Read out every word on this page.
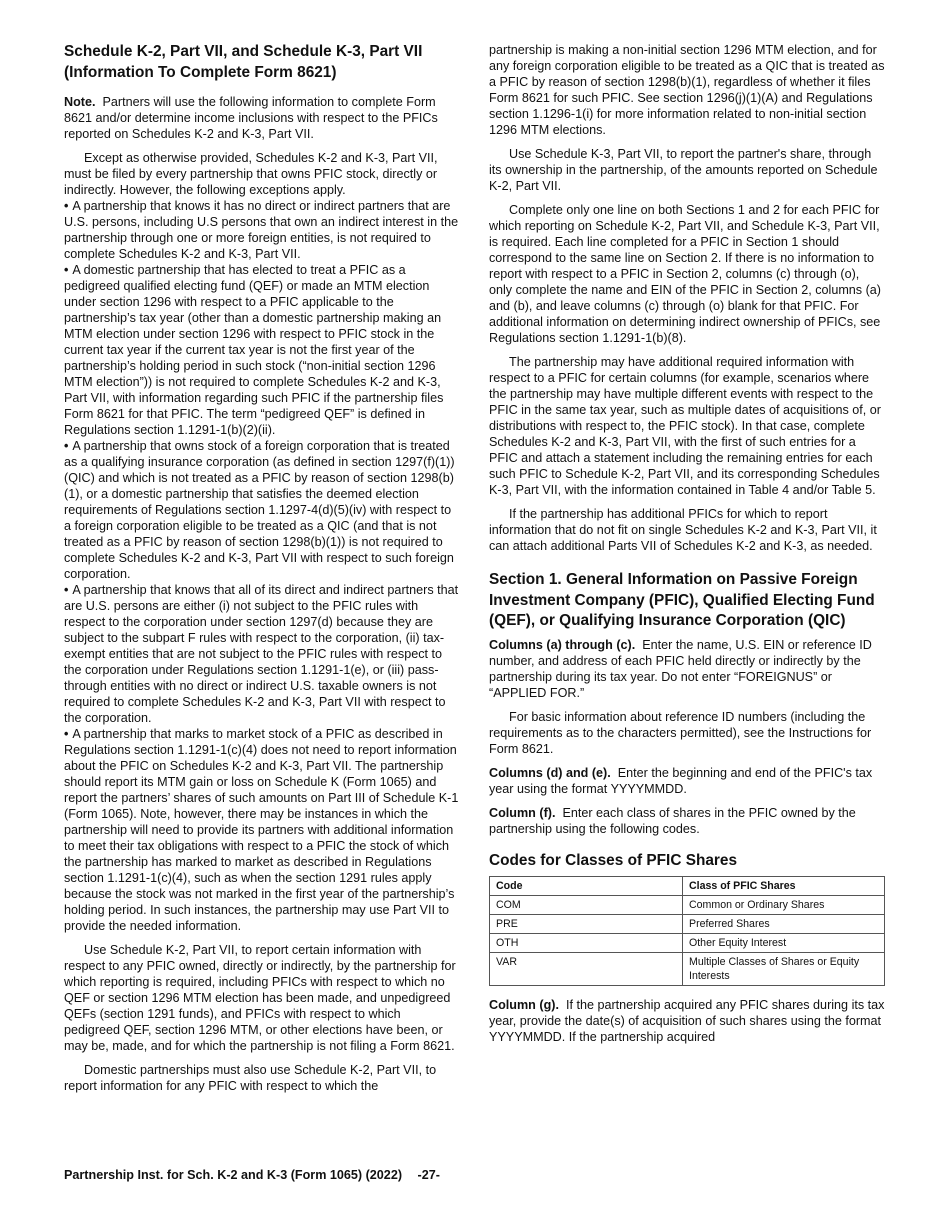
Schedule K-2, Part VII, and Schedule K-3, Part VII (Information To Complete Form 8621)

Note. Partners will use the following information to complete Form 8621 and/or determine income inclusions with respect to the PFICs reported on Schedules K-2 and K-3, Part VII.

Except as otherwise provided, Schedules K-2 and K-3, Part VII, must be filed by every partnership that owns PFIC stock, directly or indirectly. However, the following exceptions apply.

• A partnership that knows it has no direct or indirect partners that are U.S. persons, including U.S persons that own an indirect interest in the partnership through one or more foreign entities, is not required to complete Schedules K-2 and K-3, Part VII.

• A domestic partnership that has elected to treat a PFIC as a pedigreed qualified electing fund (QEF) or made an MTM election under section 1296 with respect to a PFIC applicable to the partnership’s tax year (other than a domestic partnership making an MTM election under section 1296 with respect to PFIC stock in the current tax year if the current tax year is not the first year of the partnership’s holding period in such stock (“non-initial section 1296 MTM election”)) is not required to complete Schedules K-2 and K-3, Part VII, with information regarding such PFIC if the partnership files Form 8621 for that PFIC. The term “pedigreed QEF” is defined in Regulations section 1.1291-1(b)(2)(ii).

• A partnership that owns stock of a foreign corporation that is treated as a qualifying insurance corporation (as defined in section 1297(f)(1)) (QIC) and which is not treated as a PFIC by reason of section 1298(b)(1), or a domestic partnership that satisfies the deemed election requirements of Regulations section 1.1297-4(d)(5)(iv) with respect to a foreign corporation eligible to be treated as a QIC (and that is not treated as a PFIC by reason of section 1298(b)(1)) is not required to complete Schedules K-2 and K-3, Part VII with respect to such foreign corporation.

• A partnership that knows that all of its direct and indirect partners that are U.S. persons are either (i) not subject to the PFIC rules with respect to the corporation under section 1297(d) because they are subject to the subpart F rules with respect to the corporation, (ii) tax-exempt entities that are not subject to the PFIC rules with respect to the corporation under Regulations section 1.1291-1(e), or (iii) pass-through entities with no direct or indirect U.S. taxable owners is not required to complete Schedules K-2 and K-3, Part VII with respect to the corporation.

• A partnership that marks to market stock of a PFIC as described in Regulations section 1.1291-1(c)(4) does not need to report information about the PFIC on Schedules K-2 and K-3, Part VII. The partnership should report its MTM gain or loss on Schedule K (Form 1065) and report the partners’ shares of such amounts on Part III of Schedule K-1 (Form 1065). Note, however, there may be instances in which the partnership will need to provide its partners with additional information to meet their tax obligations with respect to a PFIC the stock of which the partnership has marked to market as described in Regulations section 1.1291-1(c)(4), such as when the section 1291 rules apply because the stock was not marked in the first year of the partnership’s holding period. In such instances, the partnership may use Part VII to provide the needed information.

Use Schedule K-2, Part VII, to report certain information with respect to any PFIC owned, directly or indirectly, by the partnership for which reporting is required, including PFICs with respect to which no QEF or section 1296 MTM election has been made, and unpedigreed QEFs (section 1291 funds), and PFICs with respect to which pedigreed QEF, section 1296 MTM, or other elections have been, or may be, made, and for which the partnership is not filing a Form 8621.

Domestic partnerships must also use Schedule K-2, Part VII, to report information for any PFIC with respect to which the

partnership is making a non-initial section 1296 MTM election, and for any foreign corporation eligible to be treated as a QIC that is treated as a PFIC by reason of section 1298(b)(1), regardless of whether it files Form 8621 for such PFIC. See section 1296(j)(1)(A) and Regulations section 1.1296-1(i) for more information related to non-initial section 1296 MTM elections.

Use Schedule K-3, Part VII, to report the partner's share, through its ownership in the partnership, of the amounts reported on Schedule K-2, Part VII.

Complete only one line on both Sections 1 and 2 for each PFIC for which reporting on Schedule K-2, Part VII, and Schedule K-3, Part VII, is required. Each line completed for a PFIC in Section 1 should correspond to the same line on Section 2. If there is no information to report with respect to a PFIC in Section 2, columns (c) through (o), only complete the name and EIN of the PFIC in Section 2, columns (a) and (b), and leave columns (c) through (o) blank for that PFIC. For additional information on determining indirect ownership of PFICs, see Regulations section 1.1291-1(b)(8).

The partnership may have additional required information with respect to a PFIC for certain columns (for example, scenarios where the partnership may have multiple different events with respect to the PFIC in the same tax year, such as multiple dates of acquisitions of, or distributions with respect to, the PFIC stock). In that case, complete Schedules K-2 and K-3, Part VII, with the first of such entries for a PFIC and attach a statement including the remaining entries for each such PFIC to Schedule K-2, Part VII, and its corresponding Schedules K-3, Part VII, with the information contained in Table 4 and/or Table 5.

If the partnership has additional PFICs for which to report information that do not fit on single Schedules K-2 and K-3, Part VII, it can attach additional Parts VII of Schedules K-2 and K-3, as needed.

Section 1. General Information on Passive Foreign Investment Company (PFIC), Qualified Electing Fund (QEF), or Qualifying Insurance Corporation (QIC)

Columns (a) through (c). Enter the name, U.S. EIN or reference ID number, and address of each PFIC held directly or indirectly by the partnership during its tax year. Do not enter “FOREIGNUS” or “APPLIED FOR.”

For basic information about reference ID numbers (including the requirements as to the characters permitted), see the Instructions for Form 8621.

Columns (d) and (e). Enter the beginning and end of the PFIC's tax year using the format YYYYMMDD.

Column (f). Enter each class of shares in the PFIC owned by the partnership using the following codes.

Codes for Classes of PFIC Shares
Code	Class of PFIC Shares
COM	Common or Ordinary Shares
PRE	Preferred Shares
OTH	Other Equity Interest
VAR	Multiple Classes of Shares or Equity Interests

Column (g). If the partnership acquired any PFIC shares during its tax year, provide the date(s) of acquisition of such shares using the format YYYYMMDD. If the partnership acquired

Partnership Inst. for Sch. K-2 and K-3 (Form 1065) (2022) -27-
